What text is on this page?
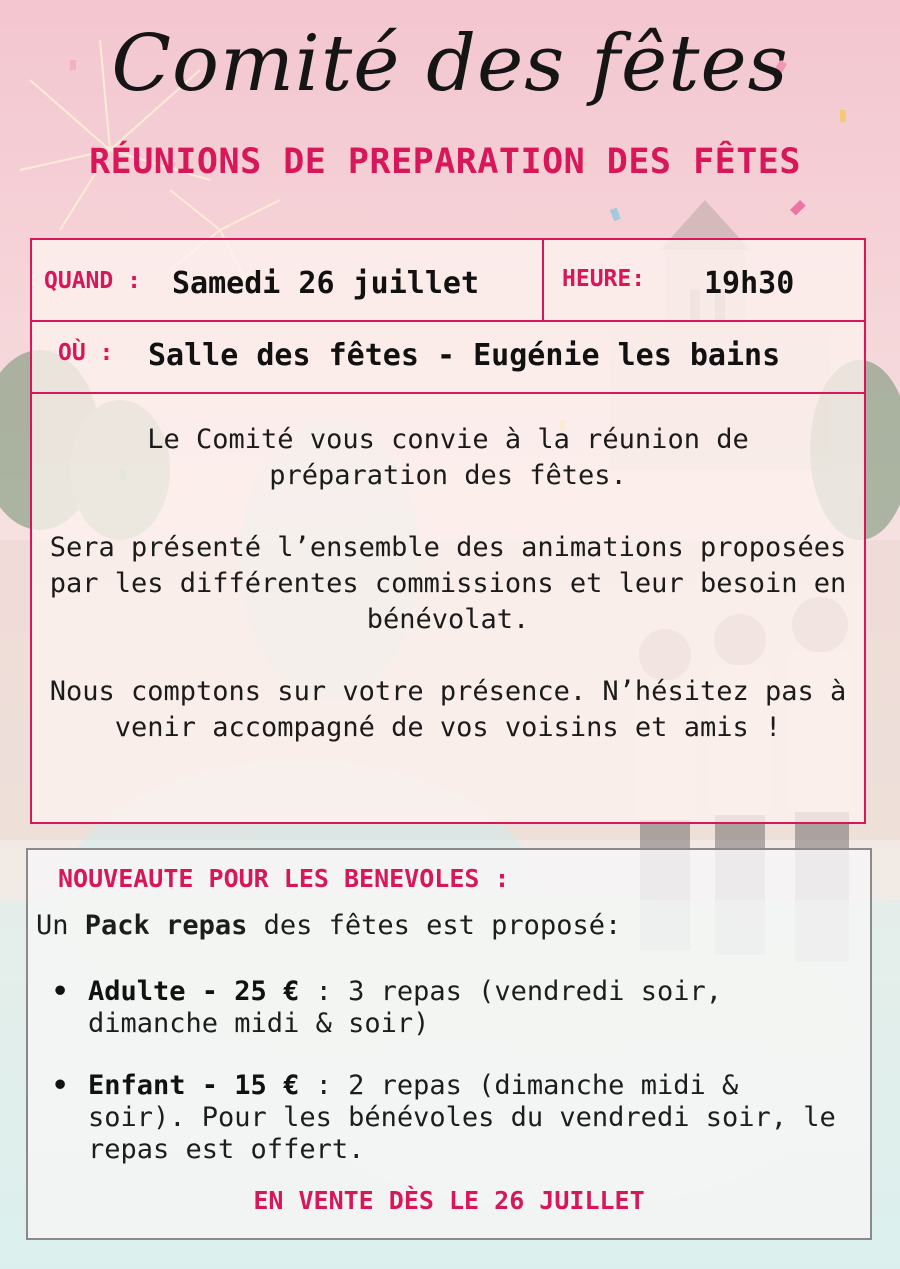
Comité des fêtes
RÉUNIONS DE PREPARATION DES FÊTES
QUAND : Samedi 26 juillet	HEURE: 19h30
OÙ : Salle des fêtes - Eugénie les bains

Le Comité vous convie à la réunion de préparation des fêtes.

Sera présenté l’ensemble des animations proposées par les différentes commissions et leur besoin en bénévolat.

Nous comptons sur votre présence. N’hésitez pas à venir accompagné de vos voisins et amis !

NOUVEAUTE POUR LES BENEVOLES :
Un Pack repas des fêtes est proposé:
• Adulte - 25 € : 3 repas (vendredi soir, dimanche midi & soir)
• Enfant - 15 € : 2 repas (dimanche midi & soir). Pour les bénévoles du vendredi soir, le repas est offert.
EN VENTE DÈS LE 26 JUILLET
